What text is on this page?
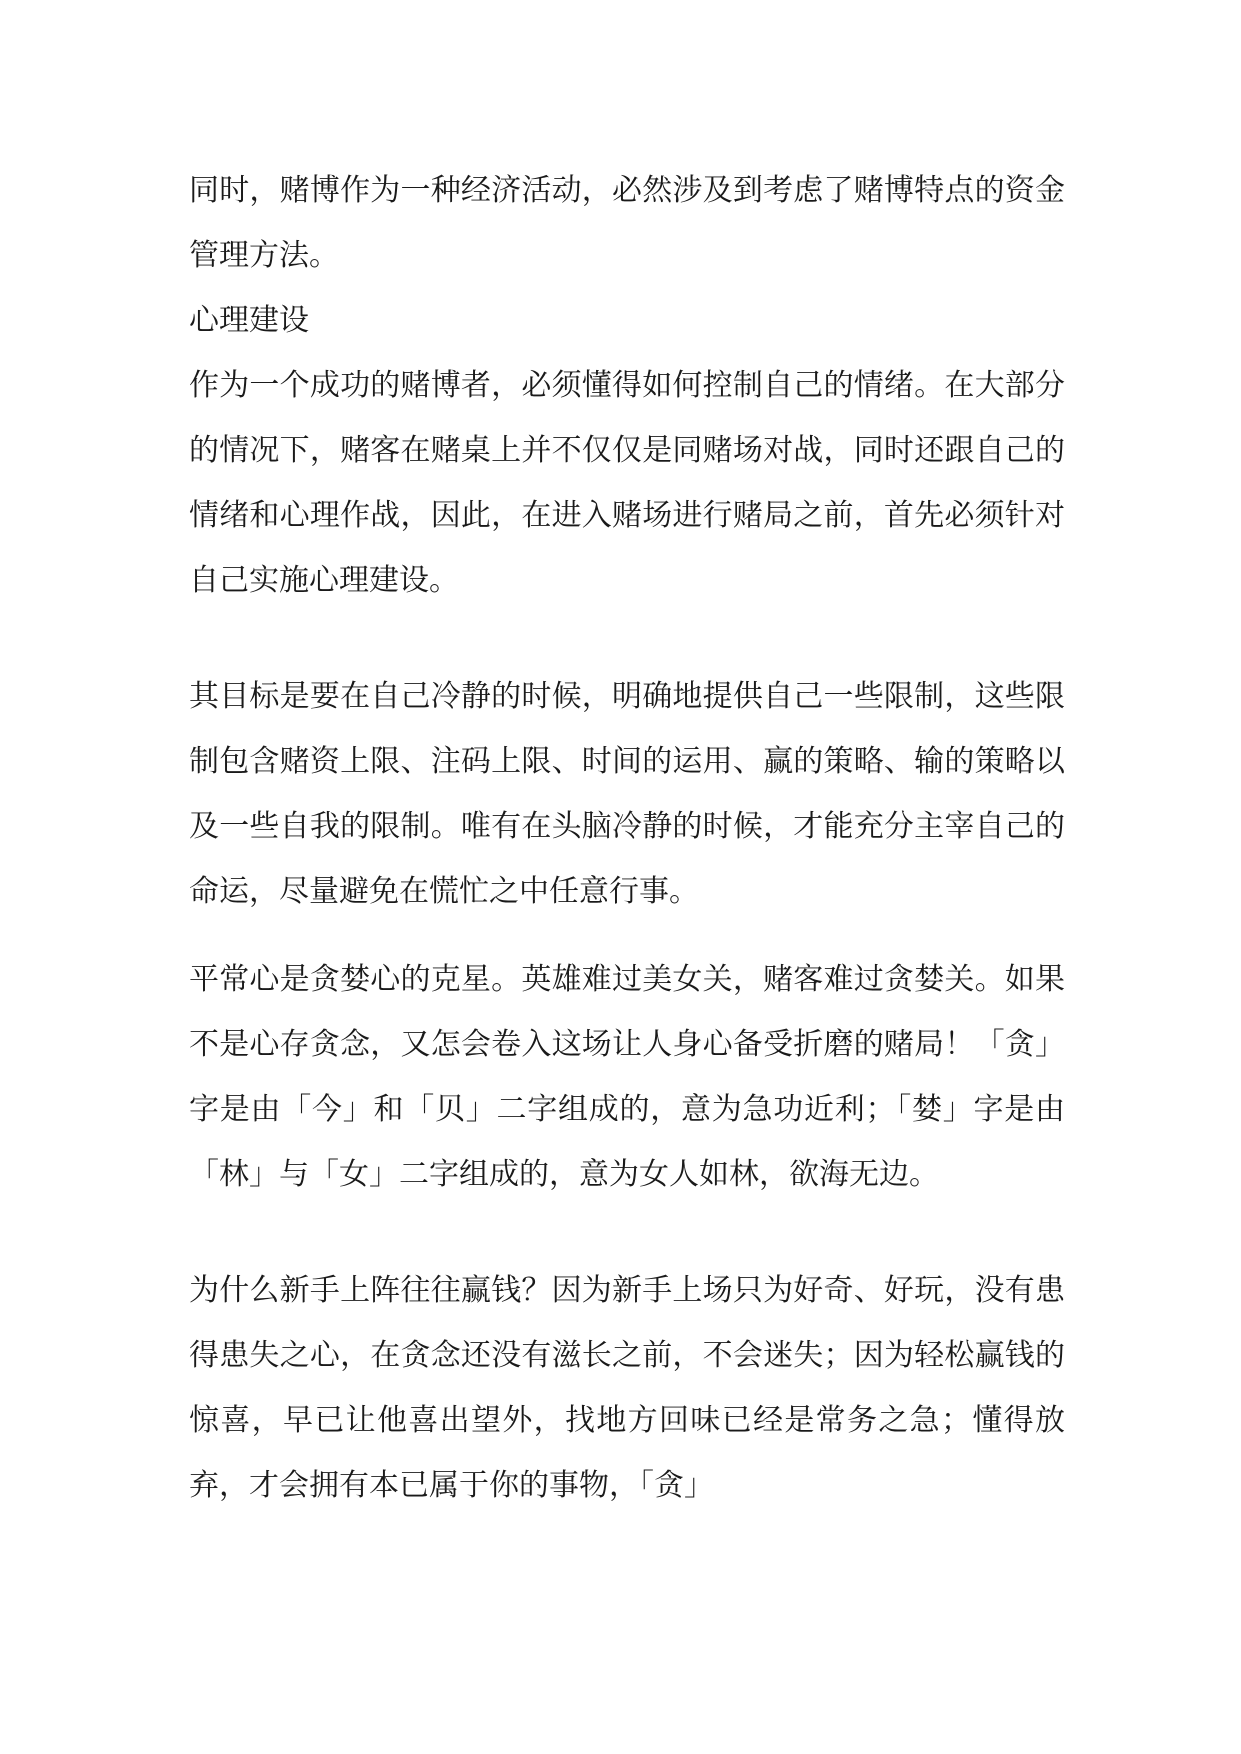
同时，赌博作为一种经济活动，必然涉及到考虑了赌博特点的资金管理方法。

心理建设

作为一个成功的赌博者，必须懂得如何控制自己的情绪。在大部分的情况下，赌客在赌桌上并不仅仅是同赌场对战，同时还跟自己的情绪和心理作战，因此，在进入赌场进行赌局之前，首先必须针对自己实施心理建设。

其目标是要在自己冷静的时候，明确地提供自己一些限制，这些限制包含赌资上限、注码上限、时间的运用、赢的策略、输的策略以及一些自我的限制。唯有在头脑冷静的时候，才能充分主宰自己的命运，尽量避免在慌忙之中任意行事。

平常心是贪婪心的克星。英雄难过美女关，赌客难过贪婪关。如果不是心存贪念，又怎会卷入这场让人身心备受折磨的赌局！「贪」字是由「今」和「贝」二字组成的，意为急功近利；「婪」字是由「林」与「女」二字组成的，意为女人如林，欲海无边。

为什么新手上阵往往赢钱？因为新手上场只为好奇、好玩，没有患得患失之心，在贪念还没有滋长之前，不会迷失；因为轻松赢钱的惊喜，早已让他喜出望外，找地方回味已经是常务之急；懂得放弃，才会拥有本已属于你的事物，「贪」
